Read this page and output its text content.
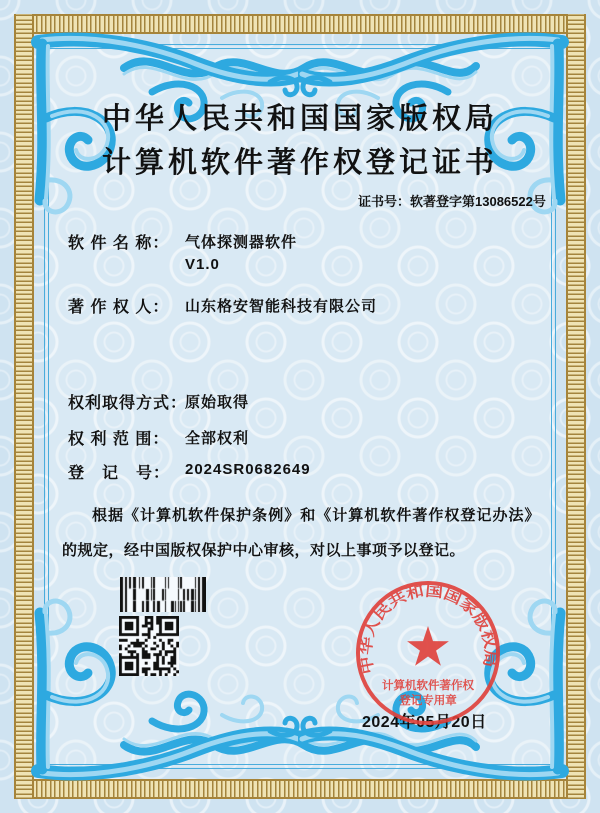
中华人民共和国国家版权局
计算机软件著作权登记证书
证书号：软著登字第13086522号
软 件 名 称： 气体探测器软件
V1.0
著 作 权 人： 山东格安智能科技有限公司
权利取得方式：
原始取得
权 利 范 围： 全部权利
登　记　号： 2024SR0682649
根据《计算机软件保护条例》和《计算机软件著作权登记办法》的规定，经中国版权保护中心审核，对以上事项予以登记。
中华人民共和国国家版权局
计算机软件著作权
登记专用章
2024年05月20日
